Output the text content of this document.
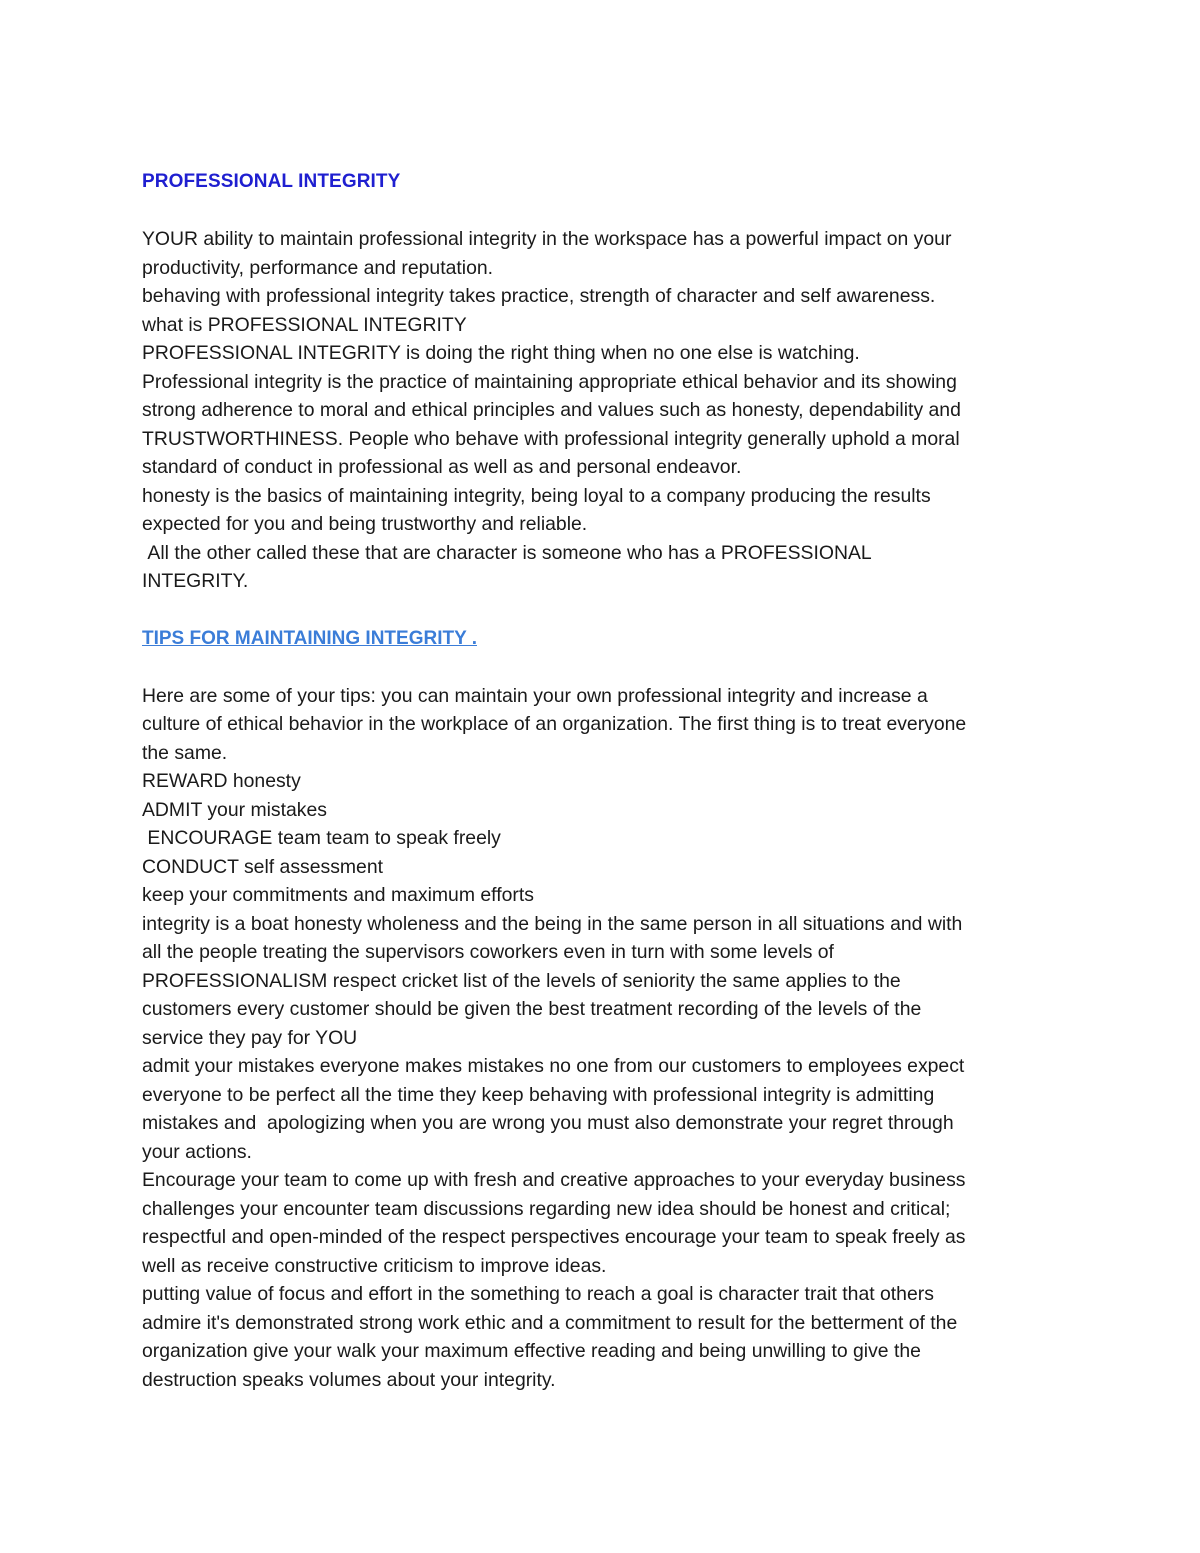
PROFESSIONAL INTEGRITY

YOUR ability to maintain professional integrity in the workspace has a powerful impact on your

productivity, performance and reputation.

behaving with professional integrity takes practice, strength of character and self awareness.

what is PROFESSIONAL INTEGRITY

PROFESSIONAL INTEGRITY is doing the right thing when no one else is watching.

Professional integrity is the practice of maintaining appropriate ethical behavior and its showing

strong adherence to moral and ethical principles and values such as honesty, dependability and

TRUSTWORTHINESS. People who behave with professional integrity generally uphold a moral

standard of conduct in professional as well as and personal endeavor.

honesty is the basics of maintaining integrity, being loyal to a company producing the results

expected for you and being trustworthy and reliable.

All the other called these that are character is someone who has a PROFESSIONAL

INTEGRITY.

TIPS FOR MAINTAINING INTEGRITY .

Here are some of your tips: you can maintain your own professional integrity and increase a

culture of ethical behavior in the workplace of an organization. The first thing is to treat everyone

the same.

REWARD honesty

ADMIT your mistakes

ENCOURAGE team team to speak freely

CONDUCT self assessment

keep your commitments and maximum efforts

integrity is a boat honesty wholeness and the being in the same person in all situations and with

all the people treating the supervisors coworkers even in turn with some levels of

PROFESSIONALISM respect cricket list of the levels of seniority the same applies to the

customers every customer should be given the best treatment recording of the levels of the

service they pay for YOU

admit your mistakes everyone makes mistakes no one from our customers to employees expect

everyone to be perfect all the time they keep behaving with professional integrity is admitting

mistakes and  apologizing when you are wrong you must also demonstrate your regret through

your actions.

Encourage your team to come up with fresh and creative approaches to your everyday business

challenges your encounter team discussions regarding new idea should be honest and critical;

respectful and open-minded of the respect perspectives encourage your team to speak freely as

well as receive constructive criticism to improve ideas.

putting value of focus and effort in the something to reach a goal is character trait that others

admire it's demonstrated strong work ethic and a commitment to result for the betterment of the

organization give your walk your maximum effective reading and being unwilling to give the

destruction speaks volumes about your integrity.
